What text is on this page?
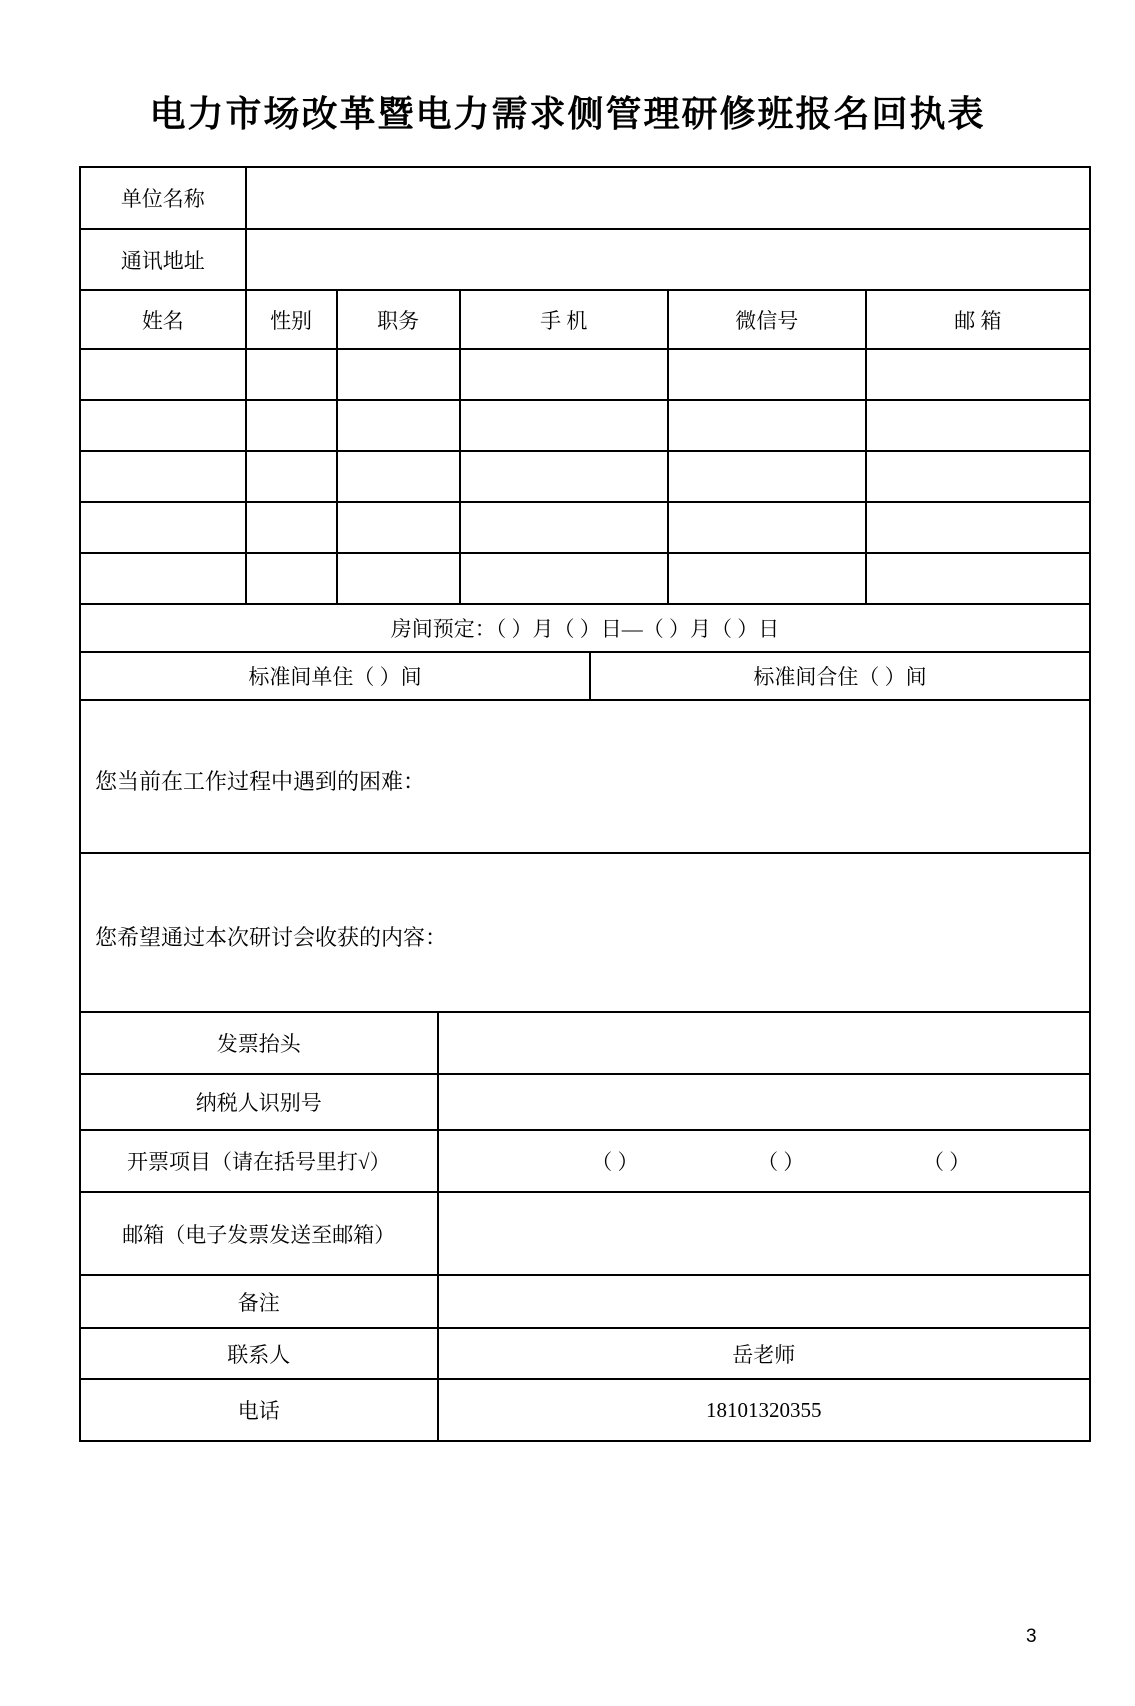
电力市场改革暨电力需求侧管理研修班报名回执表
单位名称					
通讯地址					
姓名	性别	职务	手 机	微信号	邮 箱

房间预定：（ ）月（ ）日—（ ）月（ ）日					
标准间单住（ ）间	标准间合住（ ）间
您当前在工作过程中遇到的困难：

您希望通过本次研讨会收获的内容：
发票抬头	
纳税人识别号	
开票项目（请在括号里打√）	（ ） （ ） （ ）

邮箱（电子发票发送至邮箱）	
备注	
联系人	岳老师
电话	18101320355
3
